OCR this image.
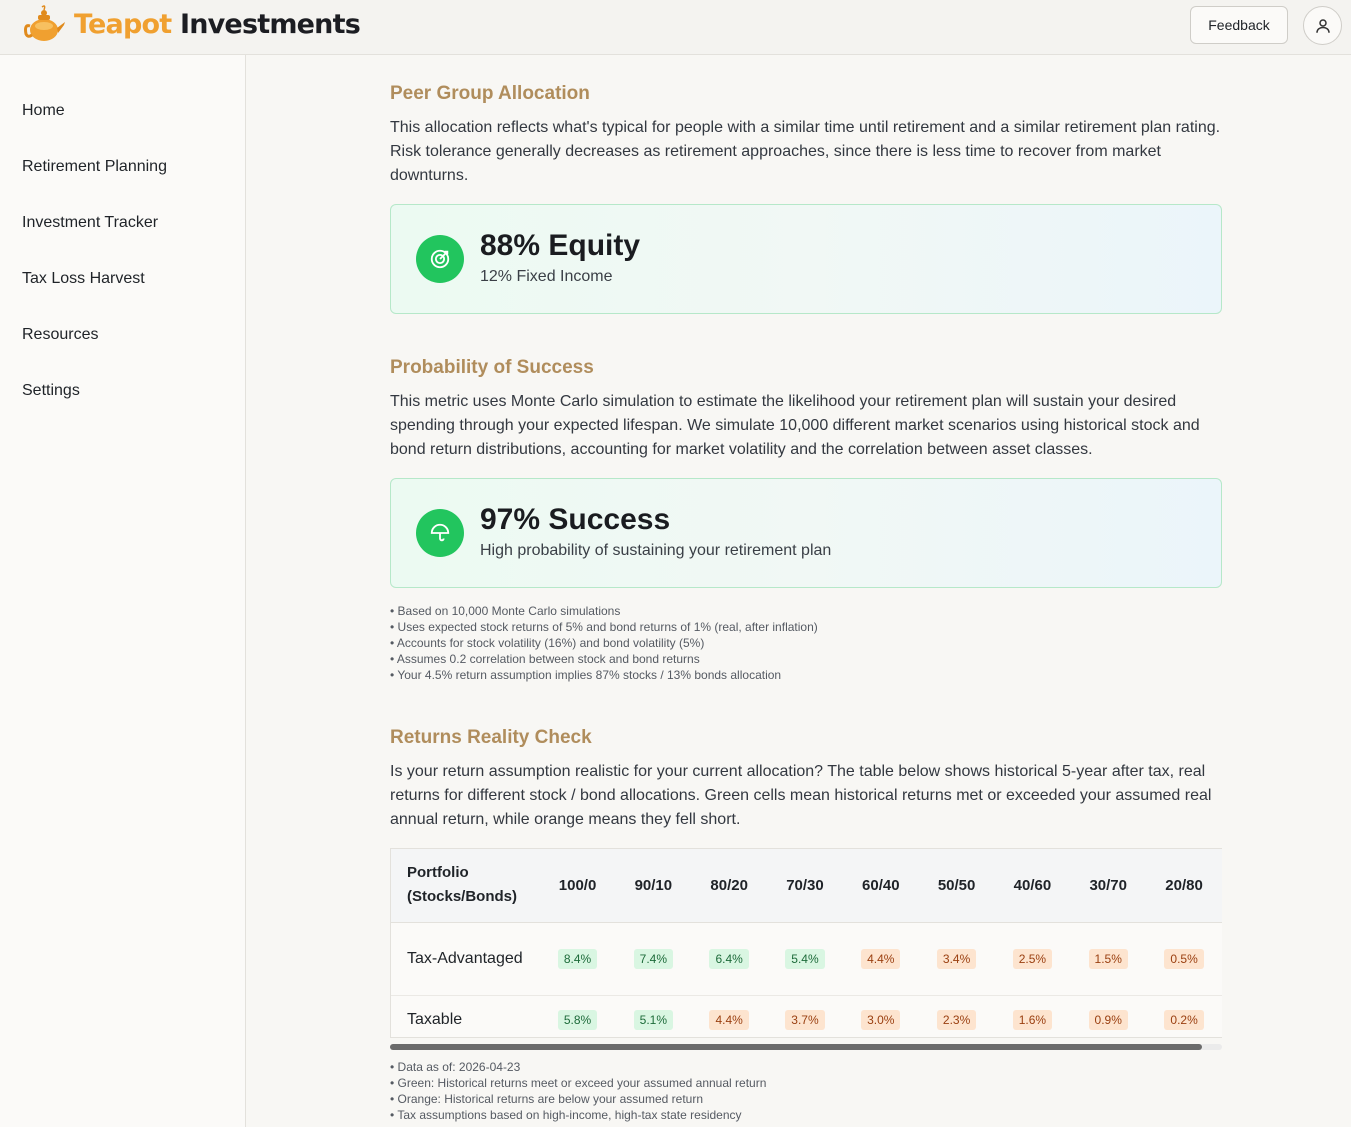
Teapot Investments	Feedback
Home
Retirement Planning
Investment Tracker
Tax Loss Harvest
Resources
Settings
Peer Group Allocation
This allocation reflects what's typical for people with a similar time until retirement and a similar retirement plan rating. Risk tolerance generally decreases as retirement approaches, since there is less time to recover from market downturns.
88% Equity
12% Fixed Income
Probability of Success
This metric uses Monte Carlo simulation to estimate the likelihood your retirement plan will sustain your desired spending through your expected lifespan. We simulate 10,000 different market scenarios using historical stock and bond return distributions, accounting for market volatility and the correlation between asset classes.
97% Success
High probability of sustaining your retirement plan
• Based on 10,000 Monte Carlo simulations
• Uses expected stock returns of 5% and bond returns of 1% (real, after inflation)
• Accounts for stock volatility (16%) and bond volatility (5%)
• Assumes 0.2 correlation between stock and bond returns
• Your 4.5% return assumption implies 87% stocks / 13% bonds allocation
Returns Reality Check
Is your return assumption realistic for your current allocation? The table below shows historical 5-year after tax, real returns for different stock / bond allocations. Green cells mean historical returns met or exceeded your assumed real annual return, while orange means they fell short.
Portfolio (Stocks/Bonds)	100/0	90/10	80/20	70/30	60/40	50/50	40/60	30/70	20/80
Tax-Advantaged	8.4%	7.4%	6.4%	5.4%	4.4%	3.4%	2.5%	1.5%	0.5%
Taxable	5.8%	5.1%	4.4%	3.7%	3.0%	2.3%	1.6%	0.9%	0.2%
• Data as of: 2026-04-23
• Green: Historical returns meet or exceed your assumed annual return
• Orange: Historical returns are below your assumed return
• Tax assumptions based on high-income, high-tax state residency
